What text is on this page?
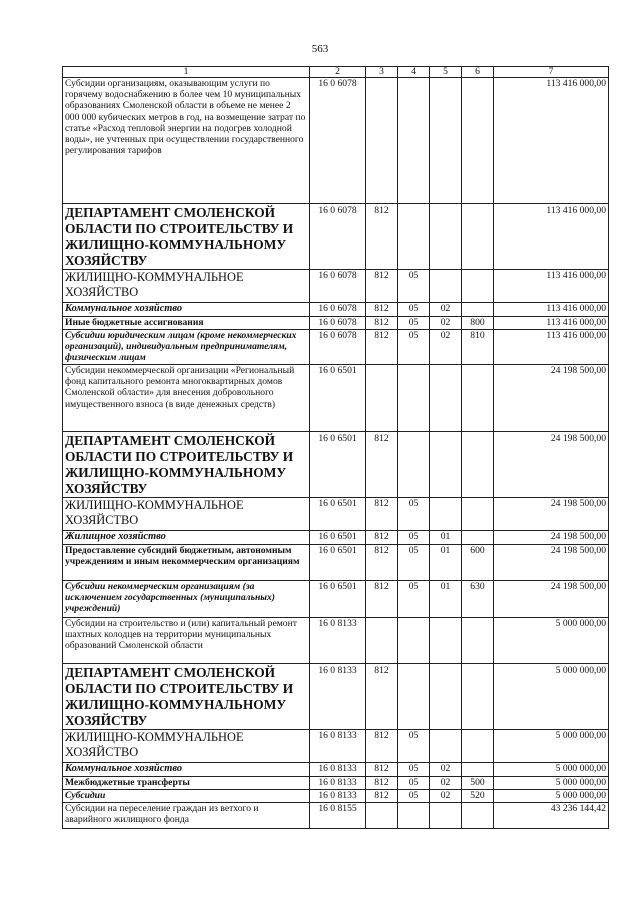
563
1	2	3	4	5	6	7
Субсидии организациям, оказывающим услуги по горячему водоснабжению в более чем 10 муниципальных образованиях Смоленской области в объеме не менее 2 000 000 кубических метров в год, на возмещение затрат по статье «Расход тепловой энергии на подогрев холодной воды», не учтенных при осуществлении государственного регулирования тарифов	16 0 6078					113 416 000,00
ДЕПАРТАМЕНТ СМОЛЕНСКОЙ ОБЛАСТИ ПО СТРОИТЕЛЬСТВУ И ЖИЛИЩНО-КОММУНАЛЬНОМУ ХОЗЯЙСТВУ	16 0 6078	812				113 416 000,00
ЖИЛИЩНО-КОММУНАЛЬНОЕ ХОЗЯЙСТВО	16 0 6078	812	05			113 416 000,00
Коммунальное хозяйство	16 0 6078	812	05	02		113 416 000,00
Иные бюджетные ассигнования	16 0 6078	812	05	02	800	113 416 000,00
Субсидии юридическим лицам (кроме некоммерческих организаций), индивидуальным предпринимателям, физическим лицам	16 0 6078	812	05	02	810	113 416 000,00
Субсидии некоммерческой организации «Региональный фонд капитального ремонта многоквартирных домов Смоленской области» для внесения добровольного имущественного взноса (в виде денежных средств)	16 0 6501					24 198 500,00
ДЕПАРТАМЕНТ СМОЛЕНСКОЙ ОБЛАСТИ ПО СТРОИТЕЛЬСТВУ И ЖИЛИЩНО-КОММУНАЛЬНОМУ ХОЗЯЙСТВУ	16 0 6501	812				24 198 500,00
ЖИЛИЩНО-КОММУНАЛЬНОЕ ХОЗЯЙСТВО	16 0 6501	812	05			24 198 500,00
Жилищное хозяйство	16 0 6501	812	05	01		24 198 500,00
Предоставление субсидий бюджетным, автономным учреждениям и иным некоммерческим организациям	16 0 6501	812	05	01	600	24 198 500,00
Субсидии некоммерческим организациям (за исключением государственных (муниципальных) учреждений)	16 0 6501	812	05	01	630	24 198 500,00
Субсидии на строительство и (или) капитальный ремонт шахтных колодцев на территории муниципальных образований Смоленской области	16 0 8133					5 000 000,00
ДЕПАРТАМЕНТ СМОЛЕНСКОЙ ОБЛАСТИ ПО СТРОИТЕЛЬСТВУ И ЖИЛИЩНО-КОММУНАЛЬНОМУ ХОЗЯЙСТВУ	16 0 8133	812				5 000 000,00
ЖИЛИЩНО-КОММУНАЛЬНОЕ ХОЗЯЙСТВО	16 0 8133	812	05			5 000 000,00
Коммунальное хозяйство	16 0 8133	812	05	02		5 000 000,00
Межбюджетные трансферты	16 0 8133	812	05	02	500	5 000 000,00
Субсидии	16 0 8133	812	05	02	520	5 000 000,00
Субсидии на переселение граждан из ветхого и аварийного жилищного фонда	16 0 8155					43 236 144,42
